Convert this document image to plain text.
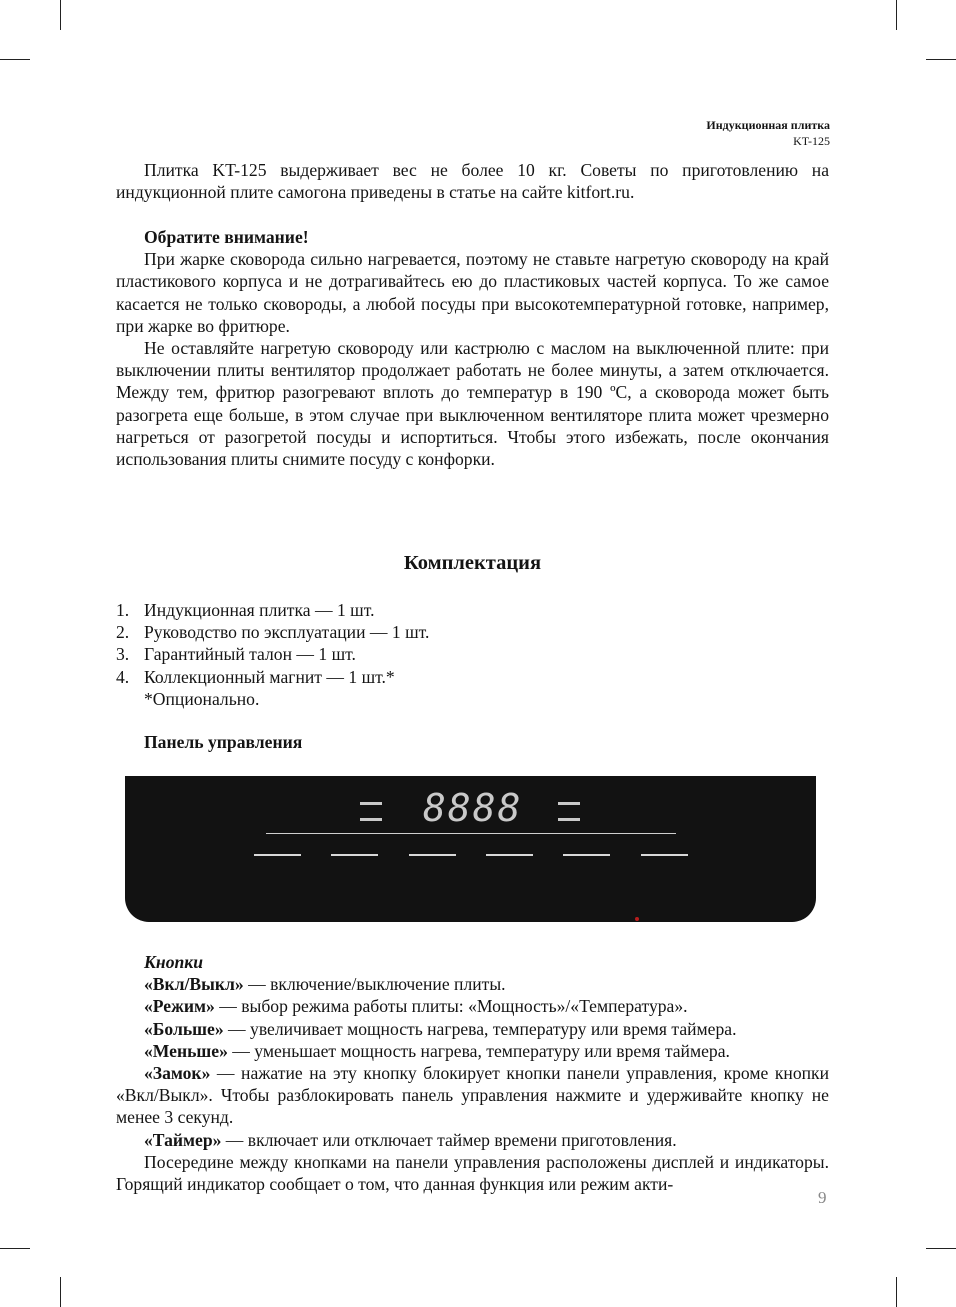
Индукционная плитка
KT-125

Плитка KT-125 выдерживает вес не более 10 кг. Советы по приготовлению на индукционной плите самогона приведены в статье на сайте kitfort.ru.

Обратите внимание!

При жарке сковорода сильно нагревается, поэтому не ставьте нагретую сковороду на край пластикового корпуса и не дотрагивайтесь ею до пластиковых частей корпуса. То же самое касается не только сковороды, а любой посуды при высокотемпературной готовке, например, при жарке во фритюре.

Не оставляйте нагретую сковороду или кастрюлю с маслом на выключенной плите: при выключении плиты вентилятор продолжает работать не более минуты, а затем отключается. Между тем, фритюр разогревают вплоть до температур в 190 ºС, а сковорода может быть разогрета еще больше, в этом случае при выключенном вентиляторе плита может чрезмерно нагреться от разогретой посуды и испортиться. Чтобы этого избежать, после окончания использования плиты снимите посуду с конфорки.

Комплектация
1. Индукционная плитка — 1 шт.
2. Руководство по эксплуатации — 1 шт.
3. Гарантийный талон — 1 шт.
4. Коллекционный магнит — 1 шт.*
*Опционально.
Панель управления
8888
Кнопки

«Вкл/Выкл» — включение/выключение плиты.

«Режим» — выбор режима работы плиты: «Мощность»/«Температура».

«Больше» — увеличивает мощность нагрева, температуру или время таймера.

«Меньше» — уменьшает мощность нагрева, температуру или время таймера.

«Замок» — нажатие на эту кнопку блокирует кнопки панели управления, кроме кнопки «Вкл/Выкл». Чтобы разблокировать панель управления нажмите и удерживайте кнопку не менее 3 секунд.

«Таймер» — включает или отключает таймер времени приготовления.

Посередине между кнопками на панели управления расположены дисплей и индикаторы. Горящий индикатор сообщает о том, что данная функция или режим акти-

9
